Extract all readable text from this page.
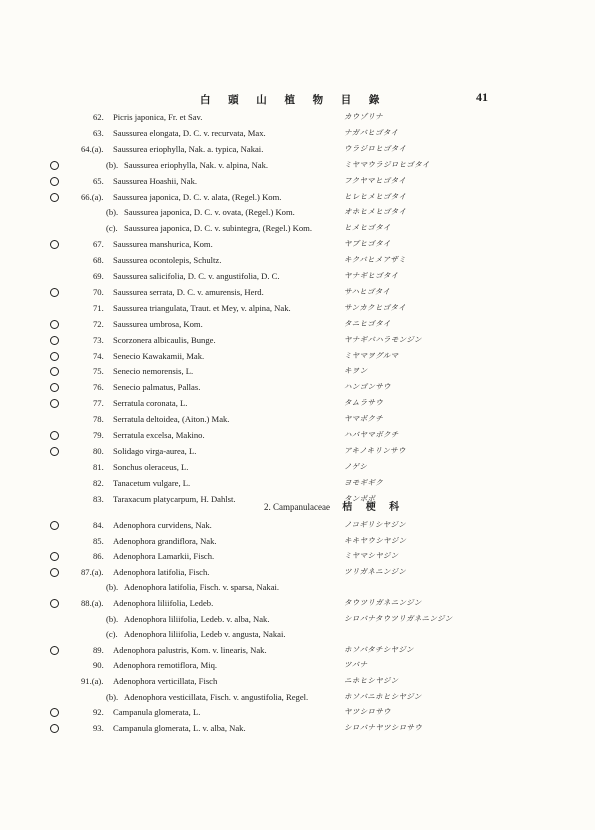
白 頭 山 植 物 目 錄	41
62. Picris japonica, Fr. et Sav.	カウゾリナ
63. Saussurea elongata, D. C. v. recurvata, Max.	ナガバヒゴタイ
64.(a). Saussurea eriophylla, Nak. a. typica, Nakai.	ウラジロヒゴタイ
(b). Saussurea eriophylla, Nak. v. alpina, Nak.	ミヤマウラジロヒゴタイ
65. Saussurea Hoashii, Nak.	フクヤマヒゴタイ
66.(a). Saussurea japonica, D. C. v. alata, (Regel.) Kom.	ヒレヒメヒゴタイ
(b). Saussurea japonica, D. C. v. ovata, (Regel.) Kom.	オホヒメヒゴタイ
(c). Saussurea japonica, D. C. v. subintegra, (Regel.) Kom.	ヒメヒゴタイ
67. Saussurea manshurica, Kom.	ヤブヒゴタイ
68. Saussurea ocontolepis, Schultz.	キクバヒメアザミ
69. Saussurea salicifolia, D. C. v. angustifolia, D. C.	ヤナギヒゴタイ
70. Saussurea serrata, D. C. v. amurensis, Herd.	サハヒゴタイ
71. Saussurea triangulata, Traut. et Mey, v. alpina, Nak.	サンカクヒゴタイ
72. Saussurea umbrosa, Kom.	タニヒゴタイ
73. Scorzonera albicaulis, Bunge.	ヤナギバハラモンジン
74. Senecio Kawakamii, Mak.	ミヤマヲグルマ
75. Senecio nemorensis, L.	キヲン
76. Senecio palmatus, Pallas.	ハンゴンサウ
77. Serratula coronata, L.	タムラサウ
78. Serratula deltoidea, (Aiton.) Mak.	ヤマボクチ
79. Serratula excelsa, Makino.	ハバヤマボクチ
80. Solidago virga-aurea, L.	アキノキリンサウ
81. Sonchus oleraceus, L.	ノゲシ
82. Tanacetum vulgare, L.	ヨモギギク
83. Taraxacum platycarpum, H. Dahlst.	タンポポ
2. Campanulaceae 桔 梗 科
84. Adenophora curvidens, Nak.	ノコギリシヤジン
85. Adenophora grandiflora, Nak.	キキヤウシヤジン
86. Adenophora Lamarkii, Fisch.	ミヤマシヤジン
87.(a). Adenophora latifolia, Fisch.	ツリガネニンジン
(b). Adenophora latifolia, Fisch. v. sparsa, Nakai.
88.(a). Adenophora liliifolia, Ledeb.	タウツリガネニンジン
(b). Adenophora liliifolia, Ledeb. v. alba, Nak.	シロバナタウツリガネニンジン
(c). Adenophora liliifolia, Ledeb v. angusta, Nakai.
89. Adenophora palustris, Kom. v. linearis, Nak.	ホソバタチシヤジン
90. Adenophora remotiflora, Miq.	ツバナ
91.(a). Adenophora verticillata, Fisch	ニホヒシヤジン
(b). Adenophora vesticillata, Fisch. v. angustifolia, Regel.	ホソバニホヒシヤジン
92. Campanula glomerata, L.	ヤツシロサウ
93. Campanula glomerata, L. v. alba, Nak.	シロバナヤツシロサウ
